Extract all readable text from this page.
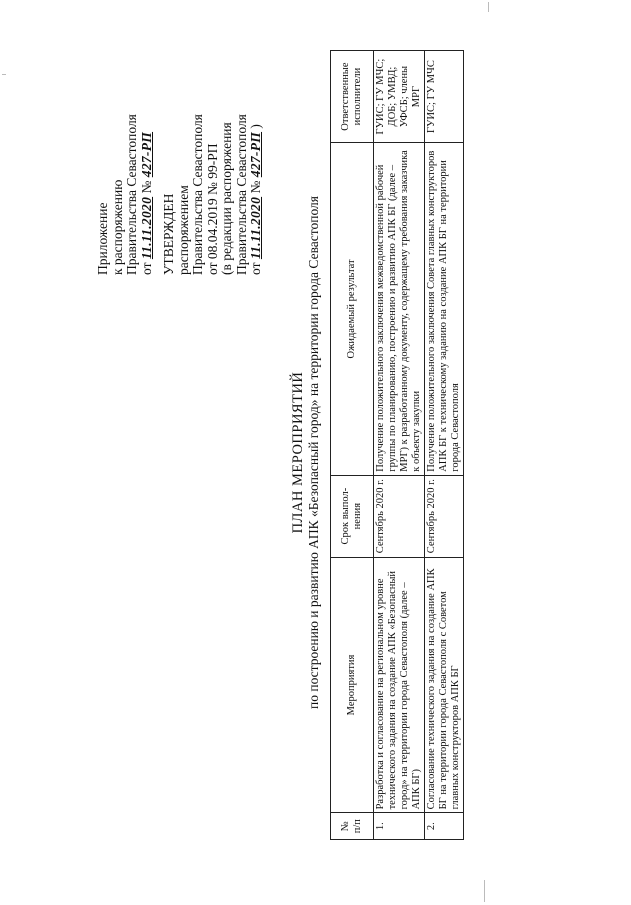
Приложение к распоряжению Правительства Севастополя от 11.11.2020 № 427-РП
УТВЕРЖДЕН распоряжением Правительства Севастополя от 08.04.2019 № 99-РП (в редакции распоряжения Правительства Севастополя от 11.11.2020 № 427-РП )
ПЛАН МЕРОПРИЯТИЙ по построению и развитию АПК «Безопасный город» на территории города Севастополя
№ п/п	Мероприятия	Срок выпол-нения	Ожидаемый результат	Ответственные исполнители
1.	Разработка и согласование на региональном уровне технического задания на создание АПК «Безопасный город» на территории города Севастополя (далее – АПК БГ)	Сентябрь 2020 г.	Получение положительного заключения межведомственной рабочей группы по планированию, построению и развитию АПК БГ (далее – МРГ) к разработанному документу, содержащему требования заказчика к объекту закупки	ГУИС; ГУ МЧС; ДОБ; УМВД; УФСБ; члены МРГ
2.	Согласование технического задания на создание АПК БГ на территории города Севастополя с Советом главных конструкторов АПК БГ	Сентябрь 2020 г.	Получение положительного заключения Совета главных конструкторов АПК БГ к техническому заданию на создание АПК БГ на территории города Севастополя	ГУИС; ГУ МЧС
